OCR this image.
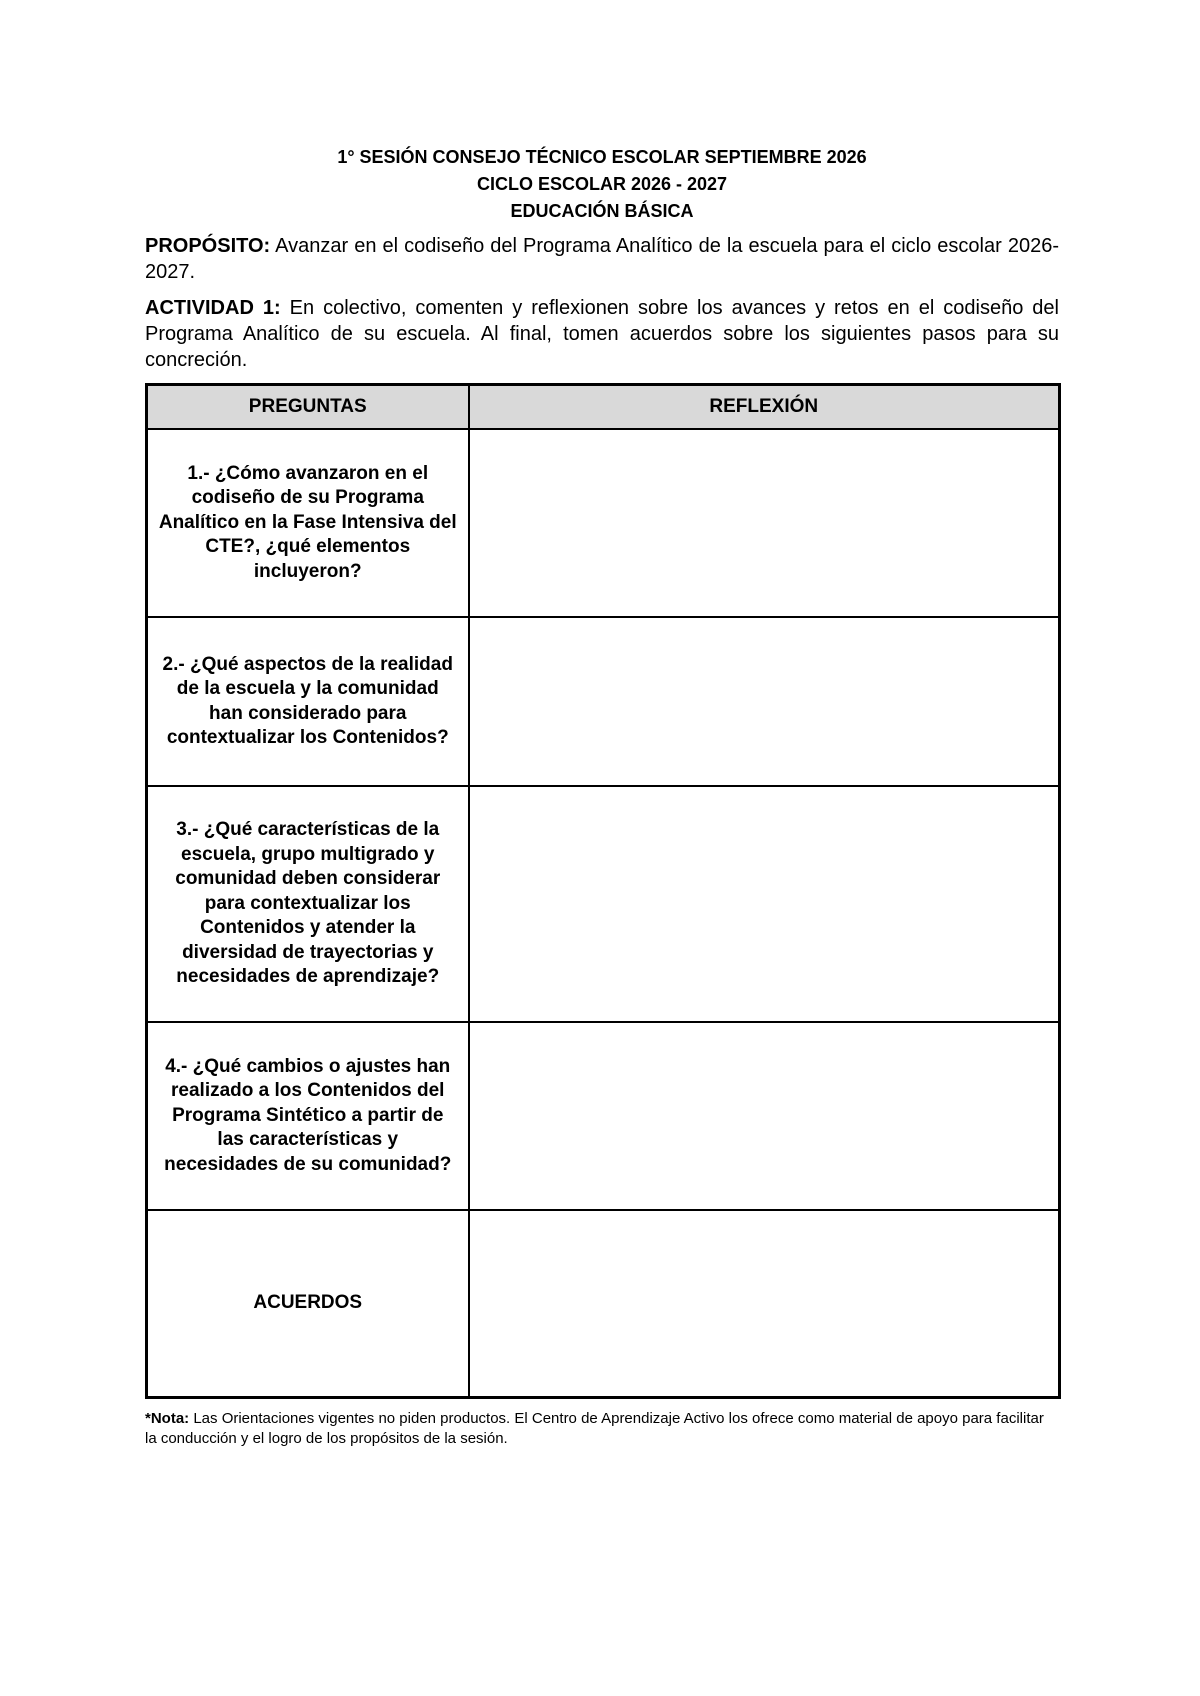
1° SESIÓN CONSEJO TÉCNICO ESCOLAR SEPTIEMBRE 2026
CICLO ESCOLAR 2026 - 2027
EDUCACIÓN BÁSICA

PROPÓSITO: Avanzar en el codiseño del Programa Analítico de la escuela para el ciclo escolar 2026-2027.

ACTIVIDAD 1: En colectivo, comenten y reflexionen sobre los avances y retos en el codiseño del Programa Analítico de su escuela. Al final, tomen acuerdos sobre los siguientes pasos para su concreción.

PREGUNTAS	REFLEXIÓN
1.- ¿Cómo avanzaron en el codiseño de su Programa Analítico en la Fase Intensiva del CTE?, ¿qué elementos incluyeron?	
2.- ¿Qué aspectos de la realidad de la escuela y la comunidad han considerado para contextualizar los Contenidos?	
3.- ¿Qué características de la escuela, grupo multigrado y comunidad deben considerar para contextualizar los Contenidos y atender la diversidad de trayectorias y necesidades de aprendizaje?	
4.- ¿Qué cambios o ajustes han realizado a los Contenidos del Programa Sintético a partir de las características y necesidades de su comunidad?	
ACUERDOS	
*Nota: Las Orientaciones vigentes no piden productos. El Centro de Aprendizaje Activo los ofrece como material de apoyo para facilitar la conducción y el logro de los propósitos de la sesión.
